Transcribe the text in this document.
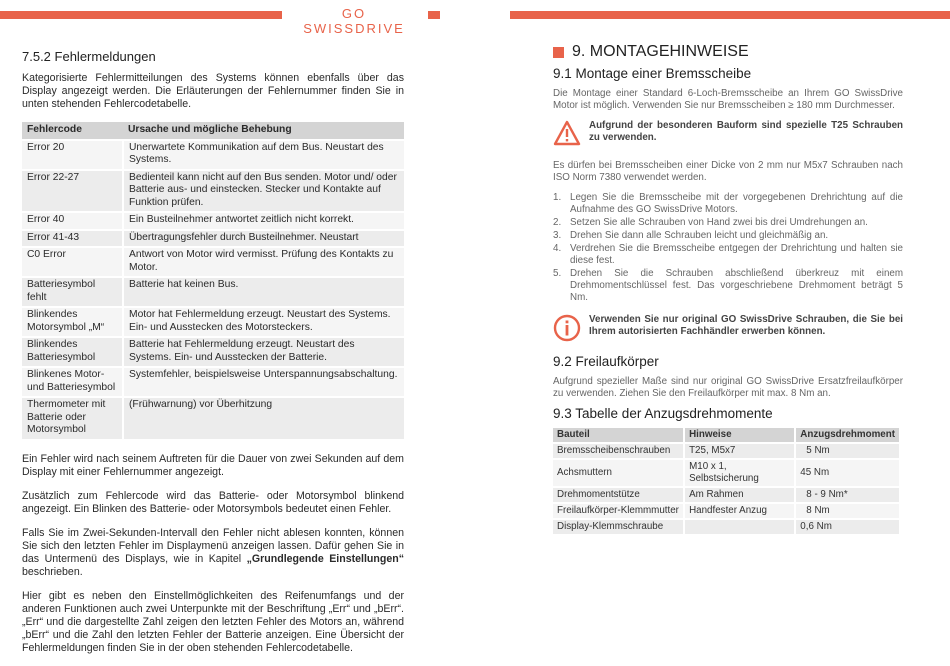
GO SWISSDRIVE
7.5.2 Fehlermeldungen

Kategorisierte Fehlermitteilungen des Systems können ebenfalls über das Display angezeigt werden. Die Erläuterungen der Fehlernummer finden Sie in unten stehenden Fehlercodetabelle.

Fehlercode	Ursache und mögliche Behebung
Error 20	Unerwartete Kommunikation auf dem Bus. Neustart des Systems.
Error 22-27	Bedienteil kann nicht auf den Bus senden. Motor und/ oder Batterie aus- und einstecken. Stecker und Kontakte auf Funktion prüfen.
Error 40	Ein Busteilnehmer antwortet zeitlich nicht korrekt.
Error 41-43	Übertragungsfehler durch Busteilnehmer. Neustart
C0 Error	Antwort von Motor wird vermisst. Prüfung des Kontakts zu Motor.
Batteriesymbol fehlt	Batterie hat keinen Bus.
Blinkendes Motorsymbol „M“	Motor hat Fehlermeldung erzeugt. Neustart des Systems. Ein- und Ausstecken des Motorsteckers.
Blinkendes Batteriesymbol	Batterie hat Fehlermeldung erzeugt. Neustart des Systems. Ein- und Ausstecken der Batterie.
Blinkenes Motor- und Batteriesymbol	Systemfehler, beispielsweise Unterspannungsabschaltung.
Thermometer mit Batterie oder Motorsymbol	(Frühwarnung) vor Überhitzung

Ein Fehler wird nach seinem Auftreten für die Dauer von zwei Sekunden auf dem Display mit einer Fehlernummer angezeigt.

Zusätzlich zum Fehlercode wird das Batterie- oder Motorsymbol blinkend angezeigt. Ein Blinken des Batterie- oder Motorsymbols bedeutet einen Fehler.

Falls Sie im Zwei-Sekunden-Intervall den Fehler nicht ablesen konnten, können Sie sich den letzten Fehler im Displaymenü anzeigen lassen. Dafür gehen Sie in das Untermenü des Displays, wie in Kapitel „Grundlegende Einstellungen“ beschrieben.

Hier gibt es neben den Einstellmöglichkeiten des Reifenumfangs und der anderen Funktionen auch zwei Unterpunkte mit der Beschriftung „Err“ und „bErr“. „Err“ und die dargestellte Zahl zeigen den letzten Fehler des Motors an, während „bErr“ und die Zahl den letzten Fehler der Batterie anzeigen. Eine Übersicht der Fehlermeldungen finden Sie in der oben stehenden Fehlercodetabelle.

9. MONTAGEHINWEISE
9.1 Montage einer Bremsscheibe

Die Montage einer Standard 6-Loch-Bremsscheibe an Ihrem GO SwissDrive Motor ist möglich. Verwenden Sie nur Bremsscheiben ≥ 180 mm Durchmesser.

Aufgrund der besonderen Bauform sind spezielle T25 Schrauben zu verwenden.

Es dürfen bei Bremsscheiben einer Dicke von 2 mm nur M5x7 Schrauben nach ISO Norm 7380 verwendet werden.

1. Legen Sie die Bremsscheibe mit der vorgegebenen Drehrichtung auf die Aufnahme des GO SwissDrive Motors.
2. Setzen Sie alle Schrauben von Hand zwei bis drei Umdrehungen an.
3. Drehen Sie dann alle Schrauben leicht und gleichmäßig an.
4. Verdrehen Sie die Bremsscheibe entgegen der Drehrichtung und halten sie diese fest.
5. Drehen Sie die Schrauben abschließend überkreuz mit einem Drehmomentschlüssel fest. Das vorgeschriebene Drehmoment beträgt 5 Nm.
Verwenden Sie nur original GO SwissDrive Schrauben, die Sie bei Ihrem autorisierten Fachhändler erwerben können.
9.2 Freilaufkörper

Aufgrund spezieller Maße sind nur original GO SwissDrive Ersatzfreilaufkörper zu verwenden. Ziehen Sie den Freilaufkörper mit max. 8 Nm an.

9.3 Tabelle der Anzugsdrehmomente
Bauteil	Hinweise	Anzugsdrehmoment
Bremsscheibenschrauben	T25, M5x7	5 Nm
Achsmuttern	M10 x 1, Selbstsicherung	45 Nm
Drehmomentstütze	Am Rahmen	8 - 9 Nm*
Freilaufkörper-Klemmmutter	Handfester Anzug	8 Nm
Display-Klemmschraube		0,6 Nm
